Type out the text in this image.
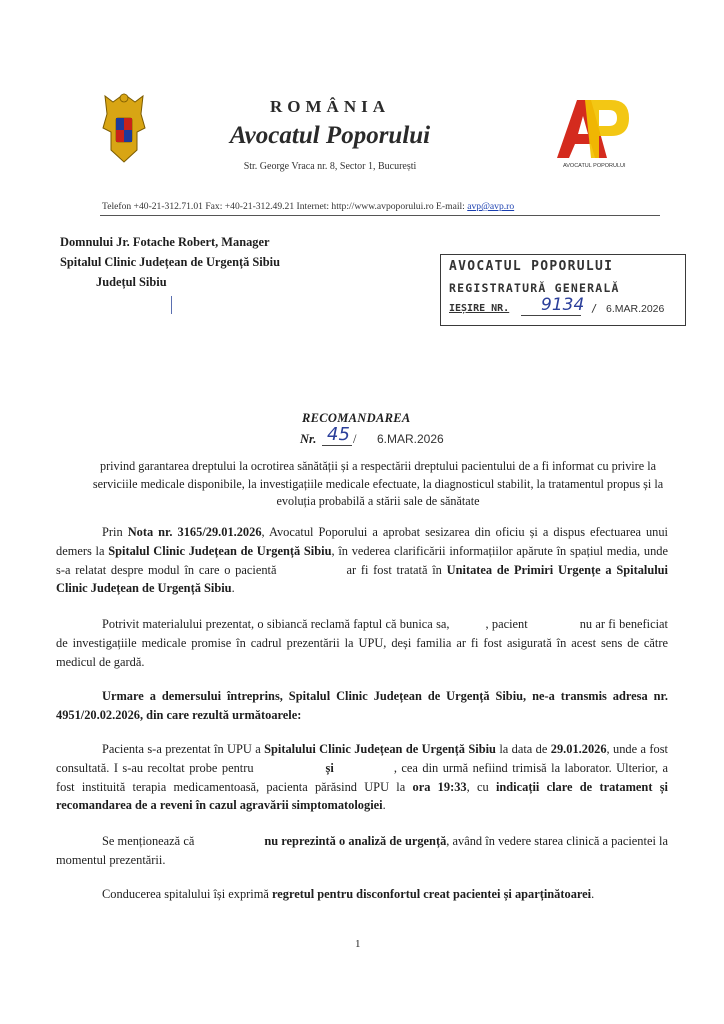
ROMÂNIA
Avocatul Poporului
Str. George Vraca nr. 8, Sector 1, București	AVOCATUL POPORULUI
Telefon +40-21-312.71.01 Fax: +40-21-312.49.21 Internet: http://www.avpoporului.ro E-mail: avp@avp.ro
Domnului Jr. Fotache Robert, Manager
Spitalul Clinic Județean de Urgență Sibiu
Județul Sibiu
AVOCATUL POPORULUI
REGISTRATURĂ GENERALĂ
IEȘIRE NR. 9134 / 6.MAR.2026
RECOMANDAREA
Nr. 45 / 6.MAR.2026
privind garantarea dreptului la ocrotirea sănătății și a respectării dreptului pacientului de a fi informat cu privire la serviciile medicale disponibile, la investigațiile medicale efectuate, la diagnosticul stabilit, la tratamentul propus și la evoluția probabilă a stării sale de sănătate
Prin Nota nr. 3165/29.01.2026, Avocatul Poporului a aprobat sesizarea din oficiu și a dispus efectuarea unui demers la Spitalul Clinic Județean de Urgență Sibiu, în vederea clarificării informațiilor apărute în spațiul media, unde s-a relatat despre modul în care o pacientă	ar fi fost tratată în Unitatea de Primiri Urgențe a Spitalului Clinic Județean de Urgență Sibiu.
Potrivit materialului prezentat, o sibiancă reclamă faptul că bunica sa,	, pacient	nu ar fi beneficiat de investigațiile medicale promise în cadrul prezentării la UPU, deși familia ar fi fost asigurată în acest sens de către medicul de gardă.
Urmare a demersului întreprins, Spitalul Clinic Județean de Urgență Sibiu, ne-a transmis adresa nr. 4951/20.02.2026, din care rezultă următoarele:
Pacienta s-a prezentat în UPU a Spitalului Clinic Județean de Urgență Sibiu la data de 29.01.2026, unde a fost consultată. I s-au recoltat probe pentru	și	, cea din urmă nefiind trimisă la laborator. Ulterior, a fost instituită terapia medicamentoasă, pacienta părăsind UPU la ora 19:33, cu indicații clare de tratament și recomandarea de a reveni în cazul agravării simptomatologiei.
Se menționează că	nu reprezintă o analiză de urgență, având în vedere starea clinică a pacientei la momentul prezentării.
Conducerea spitalului își exprimă regretul pentru disconfortul creat pacientei și aparținătoarei.
1
